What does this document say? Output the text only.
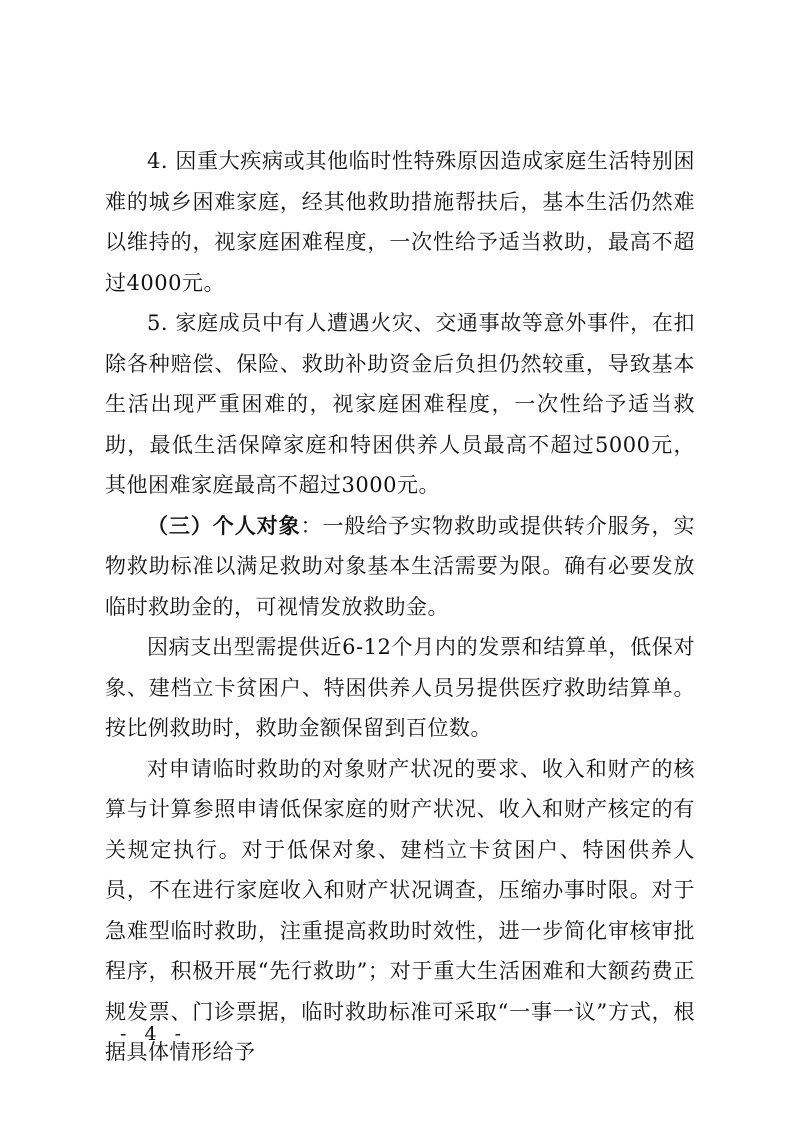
4. 因重大疾病或其他临时性特殊原因造成家庭生活特别困难的城乡困难家庭，经其他救助措施帮扶后，基本生活仍然难以维持的，视家庭困难程度，一次性给予适当救助，最高不超过4000元。

5. 家庭成员中有人遭遇火灾、交通事故等意外事件，在扣除各种赔偿、保险、救助补助资金后负担仍然较重，导致基本生活出现严重困难的，视家庭困难程度，一次性给予适当救助，最低生活保障家庭和特困供养人员最高不超过5000元，其他困难家庭最高不超过3000元。

（三）个人对象：一般给予实物救助或提供转介服务，实物救助标准以满足救助对象基本生活需要为限。确有必要发放临时救助金的，可视情发放救助金。

因病支出型需提供近6-12个月内的发票和结算单，低保对象、建档立卡贫困户、特困供养人员另提供医疗救助结算单。按比例救助时，救助金额保留到百位数。

对申请临时救助的对象财产状况的要求、收入和财产的核算与计算参照申请低保家庭的财产状况、收入和财产核定的有关规定执行。对于低保对象、建档立卡贫困户、特困供养人员，不在进行家庭收入和财产状况调查，压缩办事时限。对于急难型临时救助，注重提高救助时效性，进一步简化审核审批程序，积极开展“先行救助”；对于重大生活困难和大额药费正规发票、门诊票据，临时救助标准可采取“一事一议”方式，根据具体情形给予

- 4 -
